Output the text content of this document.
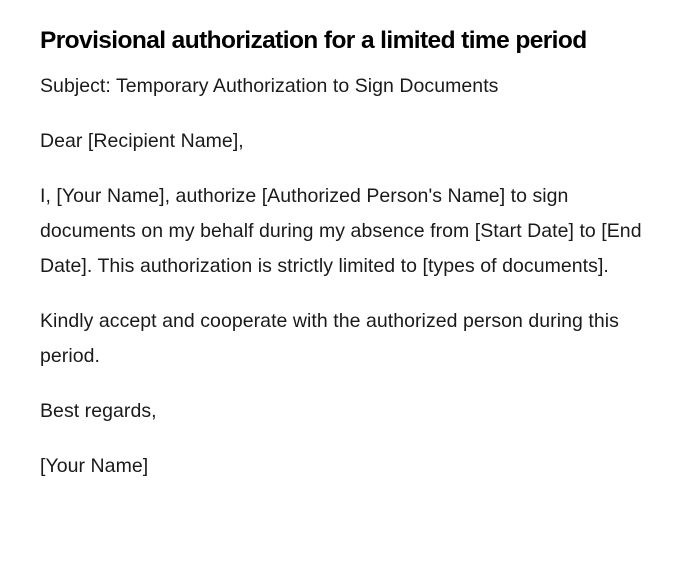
Provisional authorization for a limited time period

Subject: Temporary Authorization to Sign Documents

Dear [Recipient Name],

I, [Your Name], authorize [Authorized Person's Name] to sign documents on my behalf during my absence from [Start Date] to [End Date]. This authorization is strictly limited to [types of documents].

Kindly accept and cooperate with the authorized person during this period.

Best regards,

[Your Name]
